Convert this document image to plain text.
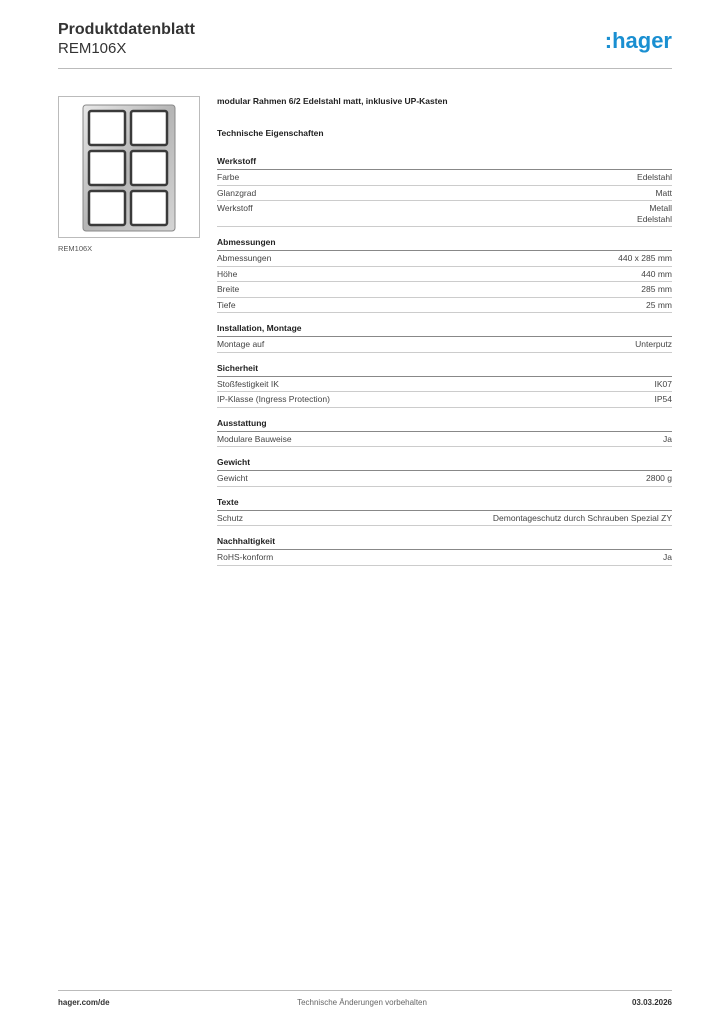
Produktdatenblatt
REM106X	:hager
REM106X
modular Rahmen 6/2 Edelstahl matt, inklusive UP-Kasten
Technische Eigenschaften
Werkstoff
Farbe	Edelstahl
Glanzgrad	Matt
Werkstoff	Metall
Edelstahl
Abmessungen
Abmessungen	440 x 285 mm
Höhe	440 mm
Breite	285 mm
Tiefe	25 mm
Installation, Montage
Montage auf	Unterputz
Sicherheit
Stoßfestigkeit IK	IK07
IP-Klasse (Ingress Protection)	IP54
Ausstattung
Modulare Bauweise	Ja
Gewicht
Gewicht	2800 g
Texte
Schutz	Demontageschutz durch Schrauben Spezial ZY
Nachhaltigkeit
RoHS-konform	Ja
hager.com/de	Technische Änderungen vorbehalten	03.03.2026
